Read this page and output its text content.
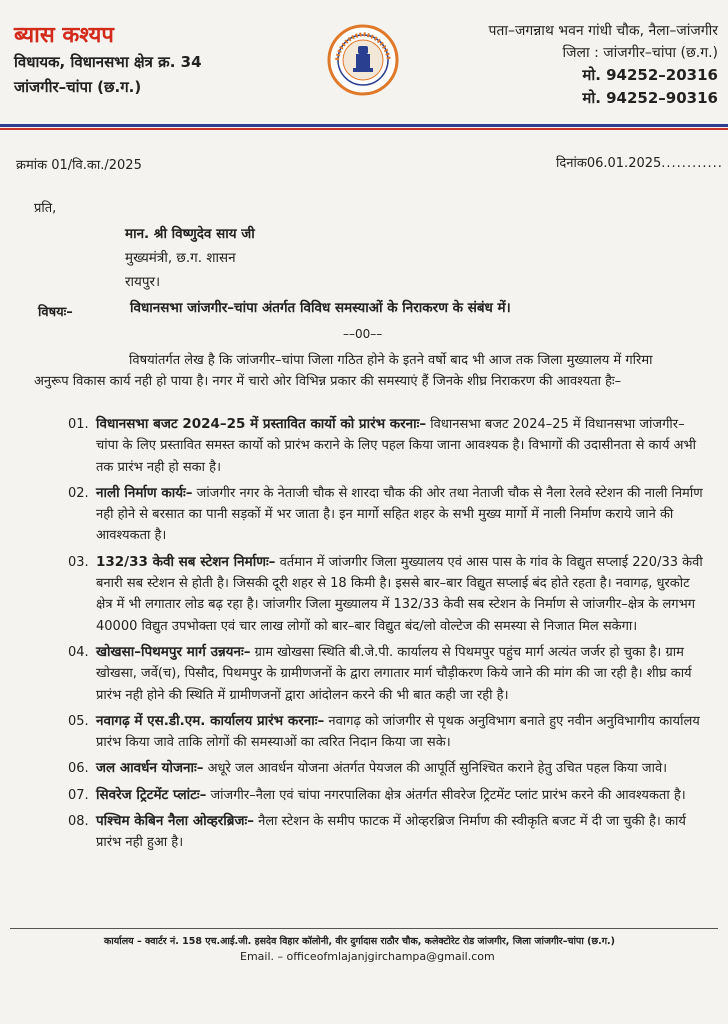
ब्यास कश्यप
विधायक, विधानसभा क्षेत्र क्र. 34
जांजगीर–चांपा (छ.ग.)
पता–जगन्नाथ भवन गांधी चौक, नैला–जांजगीर
जिला : जांजगीर–चांपा (छ.ग.)
मो. 94252–20316
मो. 94252–90316
क्रमांक 01/वि.का./2025	दिनांक06.01.2025............
प्रति,
मान. श्री विष्णुदेव साय जी
मुख्यमंत्री, छ.ग. शासन
रायपुर।
विषयः–	विधानसभा जांजगीर–चांपा अंतर्गत विविध समस्याओं के निराकरण के संबंध में।
––00––

विषयांतर्गत लेख है कि जांजगीर–चांपा जिला गठित होने के इतने वर्षो बाद भी आज तक जिला मुख्यालय में गरिमा अनुरूप विकास कार्य नही हो पाया है। नगर में चारो ओर विभिन्न प्रकार की समस्याएं हैं जिनके शीघ्र निराकरण की आवश्यता हैः–

01. विधानसभा बजट 2024–25 में प्रस्तावित कार्यो को प्रारंभ करनाः– विधानसभा बजट 2024–25 में विधानसभा जांजगीर–चांपा के लिए प्रस्तावित समस्त कार्यो को प्रारंभ कराने के लिए पहल किया जाना आवश्यक है। विभागों की उदासीनता से कार्य अभी तक प्रारंभ नही हो सका है।
02. नाली निर्माण कार्यः– जांजगीर नगर के नेताजी चौक से शारदा चौक की ओर तथा नेताजी चौक से नैला रेलवे स्टेशन की नाली निर्माण नही होने से बरसात का पानी सड़कों में भर जाता है। इन मार्गो सहित शहर के सभी मुख्य मार्गो में नाली निर्माण कराये जाने की आवश्यकता है।
03. 132/33 केवी सब स्टेशन निर्माणः– वर्तमान में जांजगीर जिला मुख्यालय एवं आस पास के गांव के विद्युत सप्लाई 220/33 केवी बनारी सब स्टेशन से होती है। जिसकी दूरी शहर से 18 किमी है। इससे बार–बार विद्युत सप्लाई बंद होते रहता है। नवागढ़, धुरकोट क्षेत्र में भी लगातार लोड बढ़ रहा है। जांजगीर जिला मुख्यालय में 132/33 केवी सब स्टेशन के निर्माण से जांजगीर–क्षेत्र के लगभग 40000 विद्युत उपभोक्ता एवं चार लाख लोगों को बार–बार विद्युत बंद/लो वोल्टेज की समस्या से निजात मिल सकेगा।
04. खोखसा–पिथमपुर मार्ग उन्नयनः– ग्राम खोखसा स्थिति बी.जे.पी. कार्यालय से पिथमपुर पहुंच मार्ग अत्यंत जर्जर हो चुका है। ग्राम खोखसा, जर्वे(च), पिसौद, पिथमपुर के ग्रामीणजनों के द्वारा लगातार मार्ग चौड़ीकरण किये जाने की मांग की जा रही है। शीघ्र कार्य प्रारंभ नही होने की स्थिति में ग्रामीणजनों द्वारा आंदोलन करने की भी बात कही जा रही है।
05. नवागढ़ में एस.डी.एम. कार्यालय प्रारंभ करनाः– नवागढ़ को जांजगीर से पृथक अनुविभाग बनाते हुए नवीन अनुविभागीय कार्यालय प्रारंभ किया जावे ताकि लोगों की समस्याओं का त्वरित निदान किया जा सके।
06. जल आवर्धन योजनाः– अधूरे जल आवर्धन योजना अंतर्गत पेयजल की आपूर्ति सुनिश्चित कराने हेतु उचित पहल किया जावे।
07. सिवरेज ट्रिटमेंट प्लांटः– जांजगीर–नैला एवं चांपा नगरपालिका क्षेत्र अंतर्गत सीवरेज ट्रिटमेंट प्लांट प्रारंभ करने की आवश्यकता है।
08. पश्चिम केबिन नैला ओव्हरब्रिजः– नैला स्टेशन के समीप फाटक में ओव्हरब्रिज निर्माण की स्वीकृति बजट में दी जा चुकी है। कार्य प्रारंभ नही हुआ है।
कार्यालय – क्वार्टर नं. 158 एच.आई.जी. हसदेव विहार कॉलोनी, वीर दुर्गादास राठौर चौक, कलेक्टोरेट रोड जांजगीर, जिला जांजगीर–चांपा (छ.ग.)
Email. – officeofmlajanjgirchampa@gmail.com
